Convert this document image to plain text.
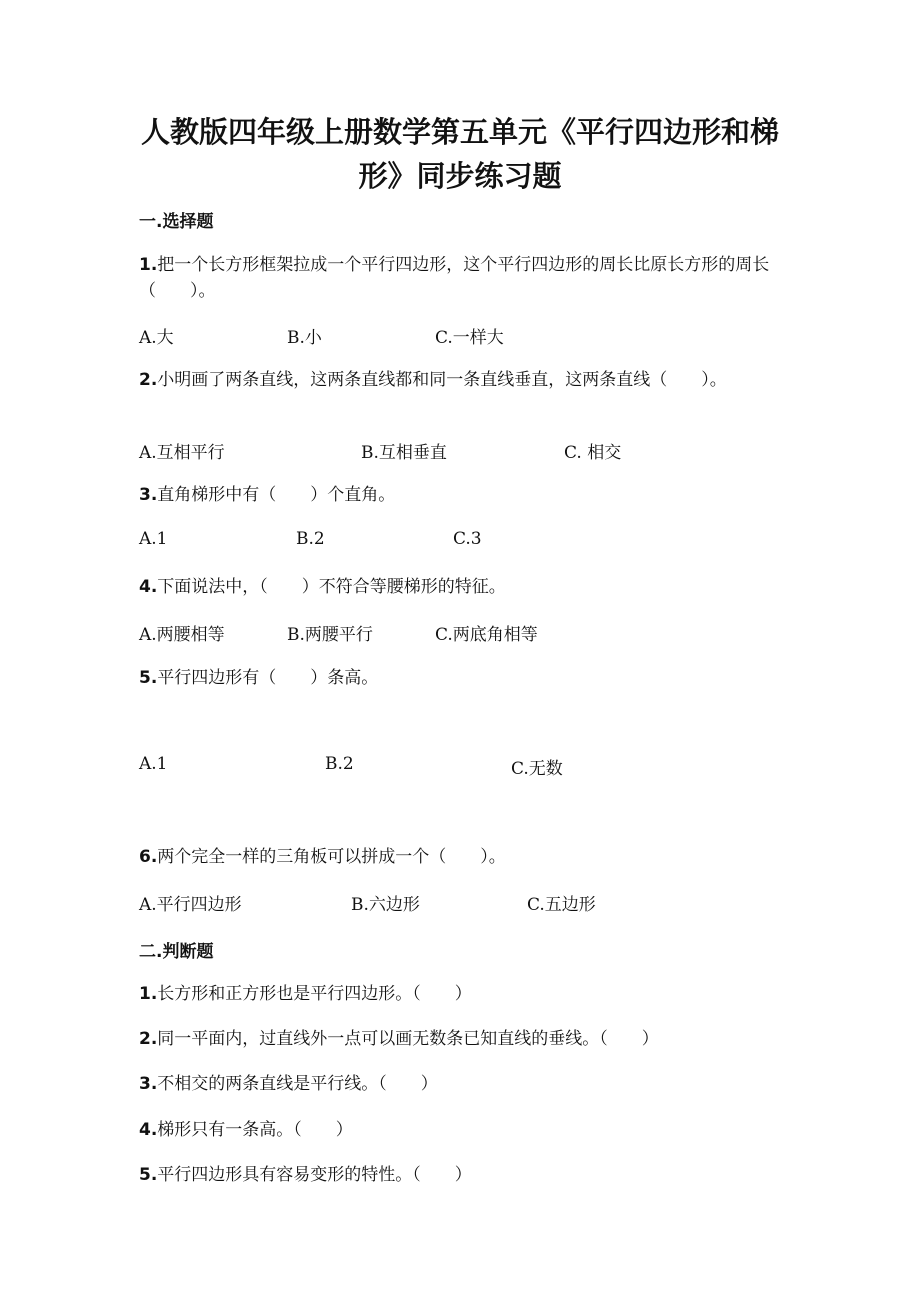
人教版四年级上册数学第五单元《平行四边形和梯
形》同步练习题
一.选择题
1.把一个长方形框架拉成一个平行四边形，这个平行四边形的周长比原长方形的周长（　　）。
A.大	B.小	C.一样大
2.小明画了两条直线，这两条直线都和同一条直线垂直，这两条直线（　　）。
A.互相平行	B.互相垂直	C. 相交
3.直角梯形中有（　　）个直角。
A.1	B.2	C.3
4.下面说法中，（　　）不符合等腰梯形的特征。
A.两腰相等	B.两腰平行	C.两底角相等
5.平行四边形有（　　）条高。
A.1	B.2	C.无数
6.两个完全一样的三角板可以拼成一个（　　）。
A.平行四边形	B.六边形	C.五边形
二.判断题
1.长方形和正方形也是平行四边形。（　　）
2.同一平面内，过直线外一点可以画无数条已知直线的垂线。（　　）
3.不相交的两条直线是平行线。（　　）
4.梯形只有一条高。（　　）
5.平行四边形具有容易变形的特性。（　　）
